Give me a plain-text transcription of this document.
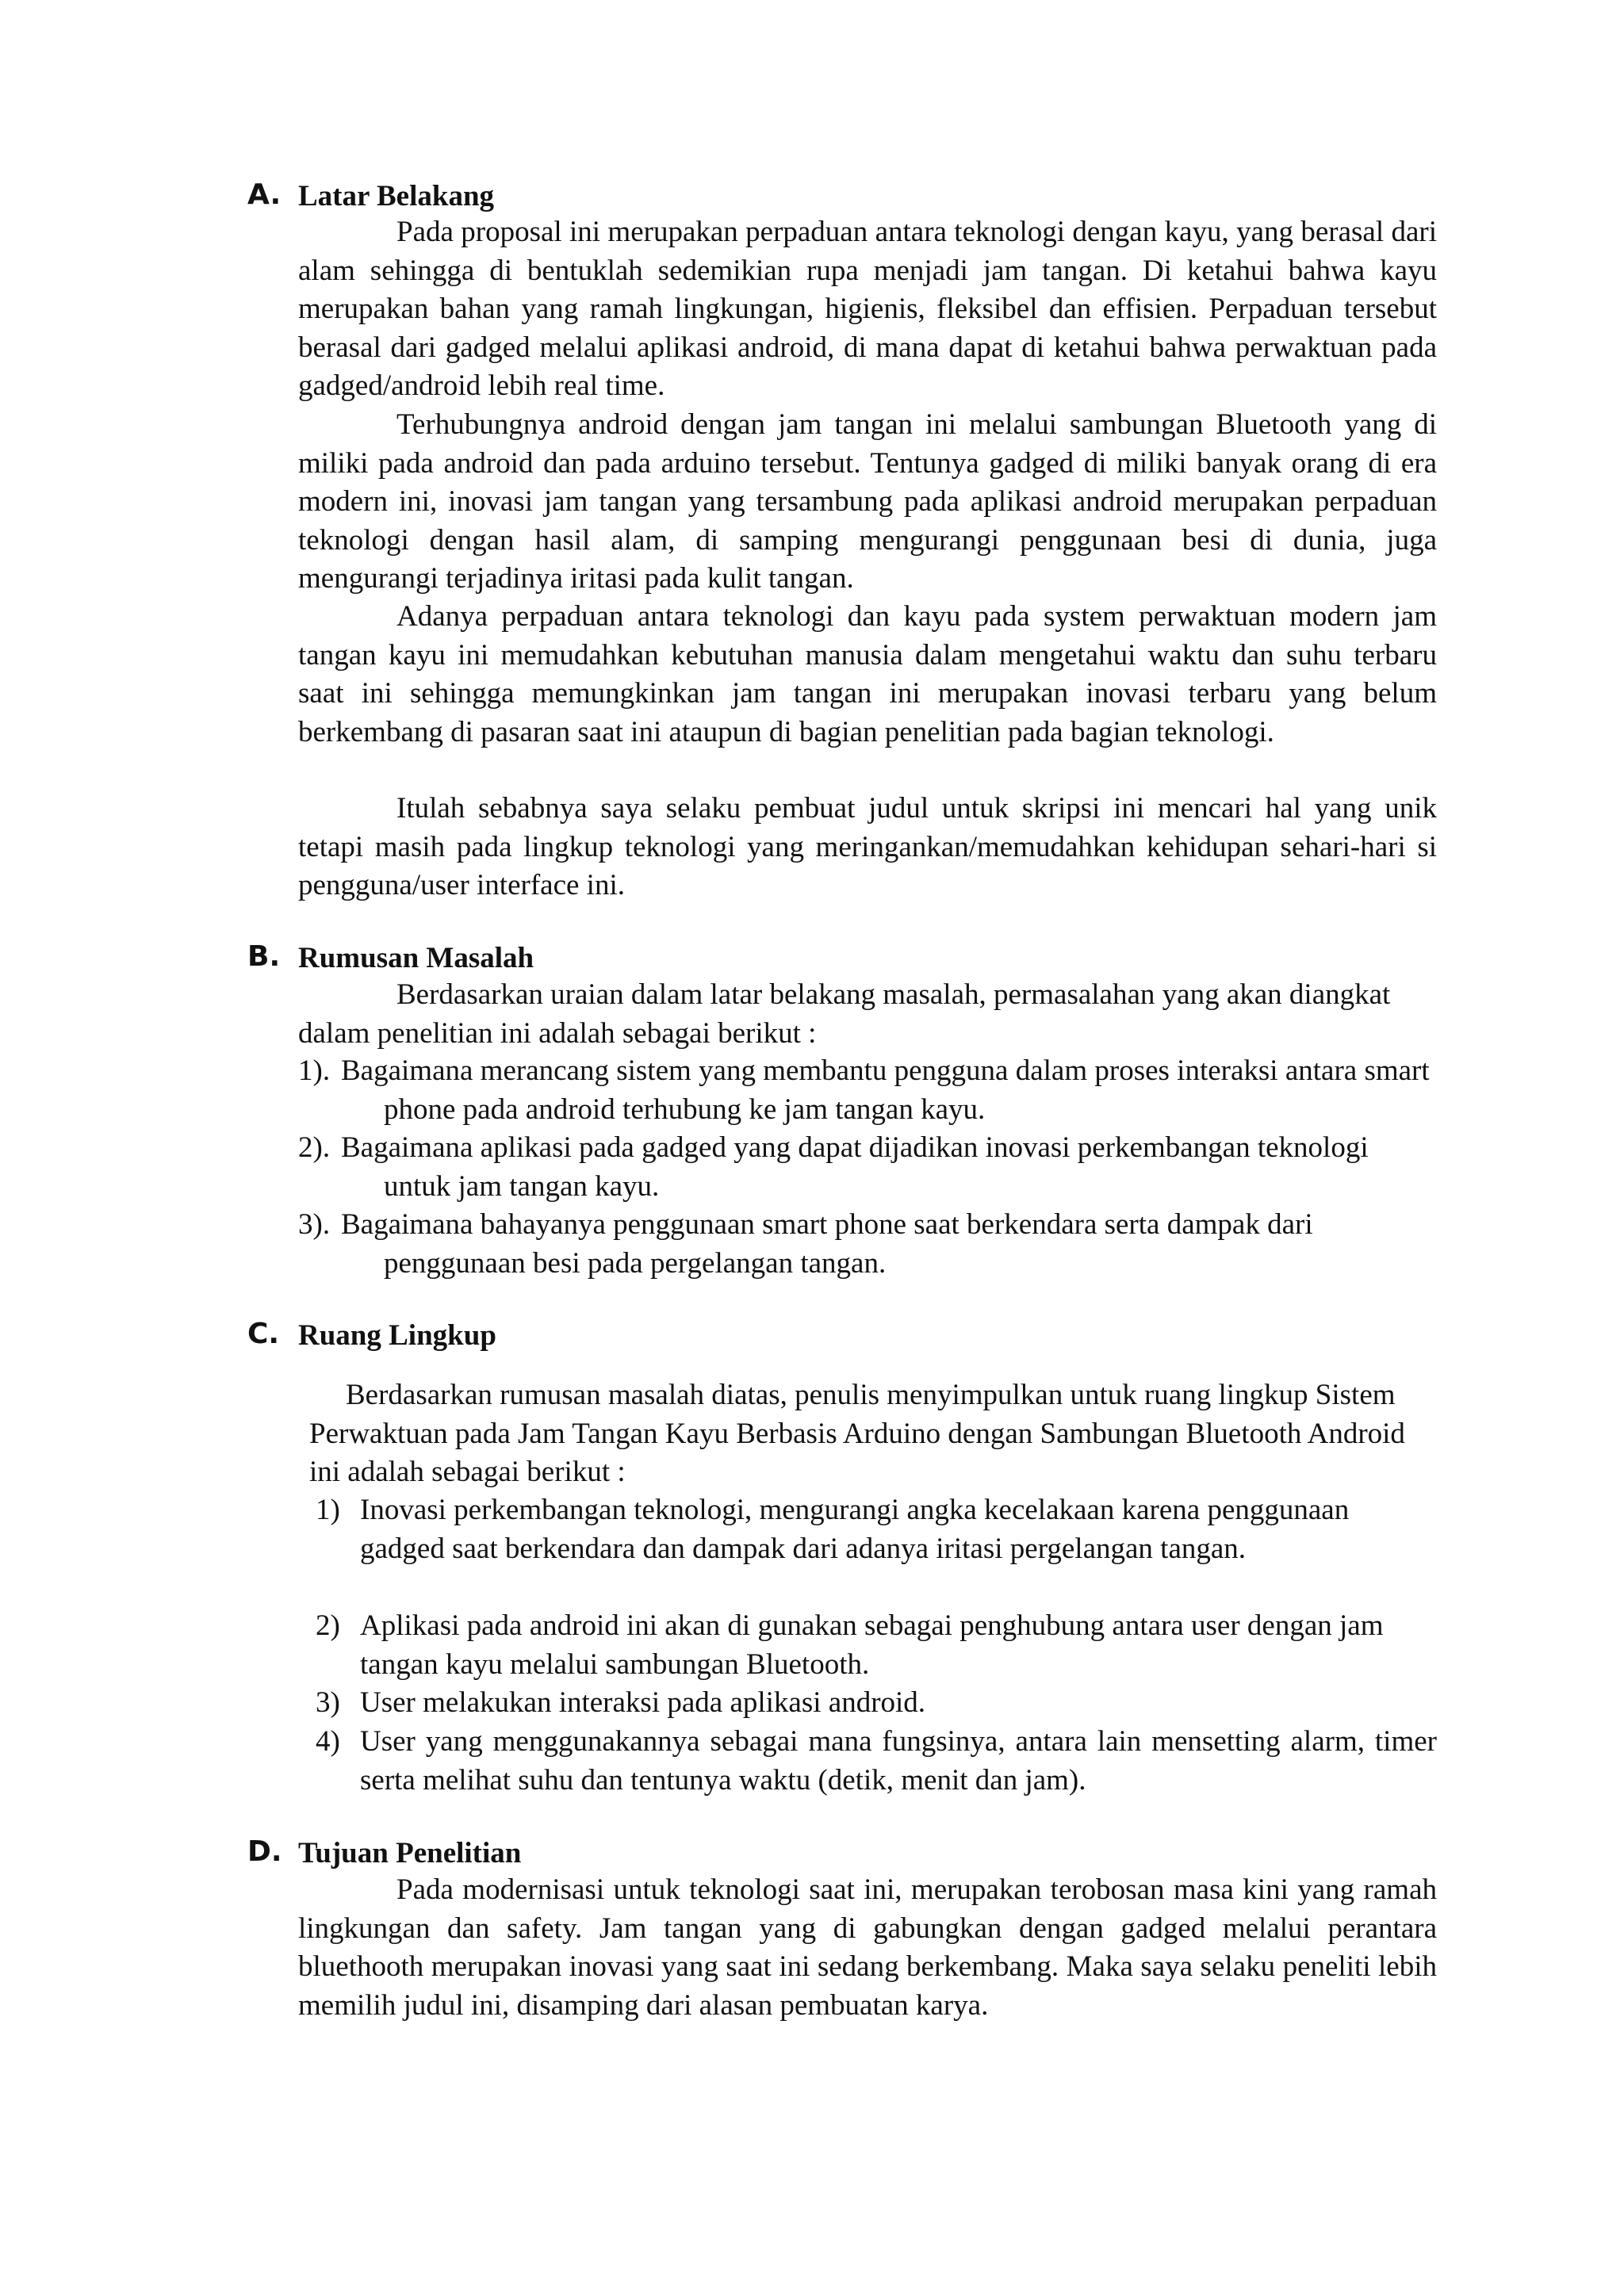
A. Latar Belakang

Pada proposal ini merupakan perpaduan antara teknologi dengan kayu, yang berasal dari alam sehingga di bentuklah sedemikian rupa menjadi jam tangan. Di ketahui bahwa kayu merupakan bahan yang ramah lingkungan, higienis, fleksibel dan effisien. Perpaduan tersebut berasal dari gadged melalui aplikasi android, di mana dapat di ketahui bahwa perwaktuan pada gadged/android lebih real time.

Terhubungnya android dengan jam tangan ini melalui sambungan Bluetooth yang di miliki pada android dan pada arduino tersebut. Tentunya gadged di miliki banyak orang di era modern ini, inovasi jam tangan yang tersambung pada aplikasi android merupakan perpaduan teknologi dengan hasil alam, di samping mengurangi penggunaan besi di dunia, juga mengurangi terjadinya iritasi pada kulit tangan.

Adanya perpaduan antara teknologi dan kayu pada system perwaktuan modern jam tangan kayu ini memudahkan kebutuhan manusia dalam mengetahui waktu dan suhu terbaru saat ini sehingga memungkinkan jam tangan ini merupakan inovasi terbaru yang belum berkembang di pasaran saat ini ataupun di bagian penelitian pada bagian teknologi.

Itulah sebabnya saya selaku pembuat judul untuk skripsi ini mencari hal yang unik tetapi masih pada lingkup teknologi yang meringankan/memudahkan kehidupan sehari-hari si pengguna/user interface ini.

B. Rumusan Masalah

Berdasarkan uraian dalam latar belakang masalah, permasalahan yang akan diangkat dalam penelitian ini adalah sebagai berikut :

1). Bagaimana merancang sistem yang membantu pengguna dalam proses interaksi antara smart phone pada android terhubung ke jam tangan kayu.
2). Bagaimana aplikasi pada gadged yang dapat dijadikan inovasi perkembangan teknologi untuk jam tangan kayu.
3). Bagaimana bahayanya penggunaan smart phone saat berkendara serta dampak dari penggunaan besi pada pergelangan tangan.
C. Ruang Lingkup

Berdasarkan rumusan masalah diatas, penulis menyimpulkan untuk ruang lingkup Sistem Perwaktuan pada Jam Tangan Kayu Berbasis Arduino dengan Sambungan Bluetooth Android ini adalah sebagai berikut :

1) Inovasi perkembangan teknologi, mengurangi angka kecelakaan karena penggunaan gadged saat berkendara dan dampak dari adanya iritasi pergelangan tangan.
2) Aplikasi pada android ini akan di gunakan sebagai penghubung antara user dengan jam tangan kayu melalui sambungan Bluetooth.
3) User melakukan interaksi pada aplikasi android.
4) User yang menggunakannya sebagai mana fungsinya, antara lain mensetting alarm, timer serta melihat suhu dan tentunya waktu (detik, menit dan jam).
D. Tujuan Penelitian

Pada modernisasi untuk teknologi saat ini, merupakan terobosan masa kini yang ramah lingkungan dan safety. Jam tangan yang di gabungkan dengan gadged melalui perantara bluethooth merupakan inovasi yang saat ini sedang berkembang. Maka saya selaku peneliti lebih memilih judul ini, disamping dari alasan pembuatan karya.
